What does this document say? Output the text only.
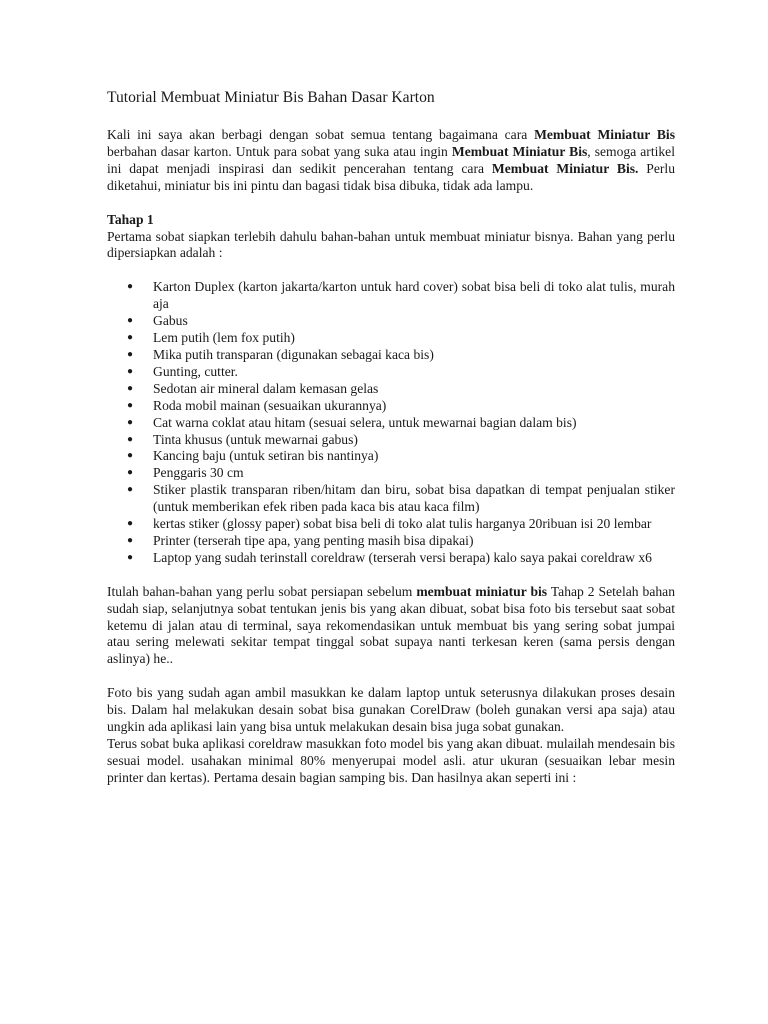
Tutorial Membuat Miniatur Bis Bahan Dasar Karton

Kali ini saya akan berbagi dengan sobat semua tentang bagaimana cara Membuat Miniatur Bis berbahan dasar karton. Untuk para sobat yang suka atau ingin Membuat Miniatur Bis, semoga artikel ini dapat menjadi inspirasi dan sedikit pencerahan tentang cara Membuat Miniatur Bis. Perlu diketahui, miniatur bis ini pintu dan bagasi tidak bisa dibuka, tidak ada lampu.

Tahap 1

Pertama sobat siapkan terlebih dahulu bahan-bahan untuk membuat miniatur bisnya. Bahan yang perlu dipersiapkan adalah :

● Karton Duplex (karton jakarta/karton untuk hard cover) sobat bisa beli di toko alat tulis, murah aja
● Gabus
● Lem putih (lem fox putih)
● Mika putih transparan (digunakan sebagai kaca bis)
● Gunting, cutter.
● Sedotan air mineral dalam kemasan gelas
● Roda mobil mainan (sesuaikan ukurannya)
● Cat warna coklat atau hitam (sesuai selera, untuk mewarnai bagian dalam bis)
● Tinta khusus (untuk mewarnai gabus)
● Kancing baju (untuk setiran bis nantinya)
● Penggaris 30 cm
● Stiker plastik transparan riben/hitam dan biru, sobat bisa dapatkan di tempat penjualan stiker (untuk memberikan efek riben pada kaca bis atau kaca film)
● kertas stiker (glossy paper) sobat bisa beli di toko alat tulis harganya 20ribuan isi 20 lembar
● Printer (terserah tipe apa, yang penting masih bisa dipakai)
● Laptop yang sudah terinstall coreldraw (terserah versi berapa) kalo saya pakai coreldraw x6

Itulah bahan-bahan yang perlu sobat persiapan sebelum membuat miniatur bis Tahap 2 Setelah bahan sudah siap, selanjutnya sobat tentukan jenis bis yang akan dibuat, sobat bisa foto bis tersebut saat sobat ketemu di jalan atau di terminal, saya rekomendasikan untuk membuat bis yang sering sobat jumpai atau sering melewati sekitar tempat tinggal sobat supaya nanti terkesan keren (sama persis dengan aslinya) he..

Foto bis yang sudah agan ambil masukkan ke dalam laptop untuk seterusnya dilakukan proses desain bis. Dalam hal melakukan desain sobat bisa gunakan CorelDraw (boleh gunakan versi apa saja) atau ungkin ada aplikasi lain yang bisa untuk melakukan desain bisa juga sobat gunakan.

Terus sobat buka aplikasi coreldraw masukkan foto model bis yang akan dibuat. mulailah mendesain bis sesuai model. usahakan minimal 80% menyerupai model asli. atur ukuran (sesuaikan lebar mesin printer dan kertas). Pertama desain bagian samping bis. Dan hasilnya akan seperti ini :
